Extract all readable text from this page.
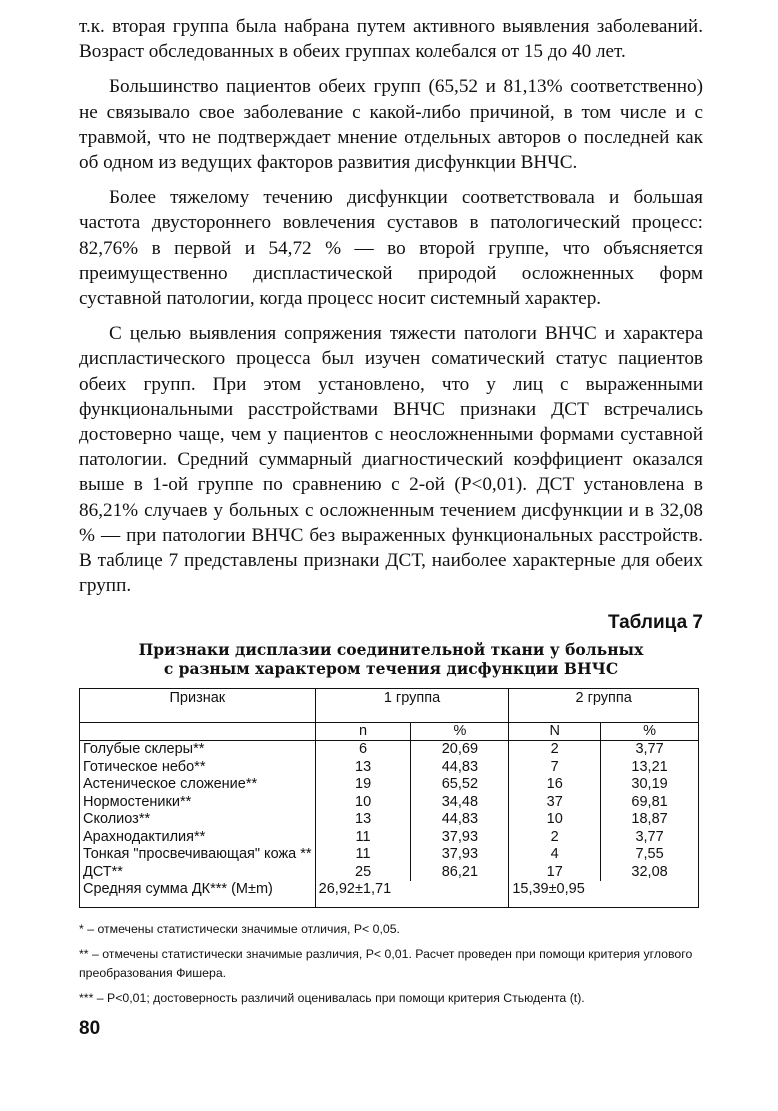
т.к. вторая группа была набрана путем активного выявления заболеваний. Возраст обследованных в обеих группах колебался от 15 до 40 лет.

Большинство пациентов обеих групп (65,52 и 81,13% соответственно) не связывало свое заболевание с какой-либо причиной, в том числе и с травмой, что не подтверждает мнение отдельных авторов о последней как об одном из ведущих факторов развития дисфункции ВНЧС.

Более тяжелому течению дисфункции соответствовала и большая частота двустороннего вовлечения суставов в патологический процесс: 82,76% в первой и 54,72 % — во второй группе, что объясняется преимущественно диспластической природой осложненных форм суставной патологии, когда процесс носит системный характер.

С целью выявления сопряжения тяжести патологи ВНЧС и характера диспластического процесса был изучен соматический статус пациентов обеих групп. При этом установлено, что у лиц с выраженными функциональными расстройствами ВНЧС признаки ДСТ встречались достоверно чаще, чем у пациентов с неосложненными формами суставной патологии. Средний суммарный диагностический коэффициент оказался выше в 1-ой группе по сравнению с 2-ой (P<0,01). ДСТ установлена в 86,21% случаев у больных с осложненным течением дисфункции и в 32,08 % — при патологии ВНЧС без выраженных функциональных расстройств. В таблице 7 представлены признаки ДСТ, наиболее характерные для обеих групп.

Таблица 7
Признаки дисплазии соединительной ткани у больных
с разным характером течения дисфункции ВНЧС
Признак	1 группа		2 группа	
	n	%	N	%
Голубые склеры**	6	20,69	2	3,77
Готическое небо**	13	44,83	7	13,21
Астеническое сложение**	19	65,52	16	30,19
Нормостеники**	10	34,48	37	69,81
Сколиоз**	13	44,83	10	18,87
Арахнодактилия**	11	37,93	2	3,77
Тонкая "просвечивающая" кожа **	11	37,93	4	7,55
ДСТ**	25	86,21	17	32,08
Средняя сумма ДК*** (M±m)	26,92±1,71		15,39±0,95	

* – отмечены статистически значимые отличия, P< 0,05.

** – отмечены статистически значимые различия, P< 0,01. Расчет проведен при помощи критерия углового преобразования Фишера.

*** – P<0,01; достоверность различий оценивалась при помощи критерия Стьюдента (t).

80
